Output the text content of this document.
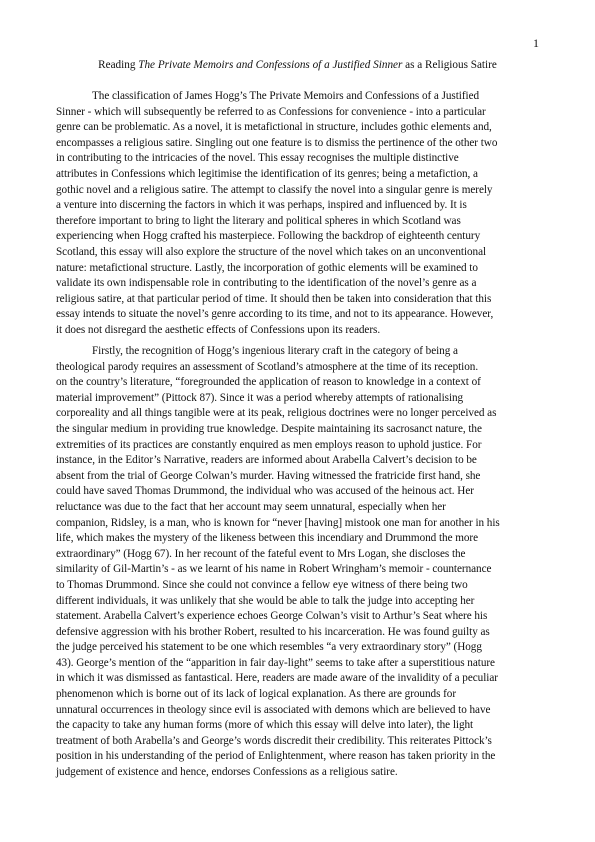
1
Reading The Private Memoirs and Confessions of a Justified Sinner as a Religious Satire

The classification of James Hogg’s The Private Memoirs and Confessions of a Justified
Sinner - which will subsequently be referred to as Confessions for convenience - into a particular
genre can be problematic. As a novel, it is metafictional in structure, includes gothic elements and,
encompasses a religious satire. Singling out one feature is to dismiss the pertinence of the other two
in contributing to the intricacies of the novel. This essay recognises the multiple distinctive
attributes in Confessions which legitimise the identification of its genres; being a metafiction, a
gothic novel and a religious satire. The attempt to classify the novel into a singular genre is merely
a venture into discerning the factors in which it was perhaps, inspired and influenced by. It is
therefore important to bring to light the literary and political spheres in which Scotland was
experiencing when Hogg crafted his masterpiece. Following the backdrop of eighteenth century
Scotland, this essay will also explore the structure of the novel which takes on an unconventional
nature: metafictional structure. Lastly, the incorporation of gothic elements will be examined to
validate its own indispensable role in contributing to the identification of the novel’s genre as a
religious satire, at that particular period of time. It should then be taken into consideration that this
essay intends to situate the novel’s genre according to its time, and not to its appearance. However,
it does not disregard the aesthetic effects of Confessions upon its readers.

Firstly, the recognition of Hogg’s ingenious literary craft in the category of being a
theological parody requires an assessment of Scotland’s atmosphere at the time of its reception.
on the country’s literature, “foregrounded the application of reason to knowledge in a context of
material improvement” (Pittock 87). Since it was a period whereby attempts of rationalising
corporeality and all things tangible were at its peak, religious doctrines were no longer perceived as
the singular medium in providing true knowledge. Despite maintaining its sacrosanct nature, the
extremities of its practices are constantly enquired as men employs reason to uphold justice. For
instance, in the Editor’s Narrative, readers are informed about Arabella Calvert’s decision to be
absent from the trial of George Colwan’s murder. Having witnessed the fratricide first hand, she
could have saved Thomas Drummond, the individual who was accused of the heinous act. Her
reluctance was due to the fact that her account may seem unnatural, especially when her
companion, Ridsley, is a man, who is known for “never [having] mistook one man for another in his
life, which makes the mystery of the likeness between this incendiary and Drummond the more
extraordinary” (Hogg 67). In her recount of the fateful event to Mrs Logan, she discloses the
similarity of Gil-Martin’s - as we learnt of his name in Robert Wringham’s memoir - counternance
to Thomas Drummond. Since she could not convince a fellow eye witness of there being two
different individuals, it was unlikely that she would be able to talk the judge into accepting her
statement. Arabella Calvert’s experience echoes George Colwan’s visit to Arthur’s Seat where his
defensive aggression with his brother Robert, resulted to his incarceration. He was found guilty as
the judge perceived his statement to be one which resembles “a very extraordinary story” (Hogg
43). George’s mention of the “apparition in fair day-light” seems to take after a superstitious nature
in which it was dismissed as fantastical. Here, readers are made aware of the invalidity of a peculiar
phenomenon which is borne out of its lack of logical explanation. As there are grounds for
unnatural occurrences in theology since evil is associated with demons which are believed to have
the capacity to take any human forms (more of which this essay will delve into later), the light
treatment of both Arabella’s and George’s words discredit their credibility. This reiterates Pittock’s
position in his understanding of the period of Enlightenment, where reason has taken priority in the
judgement of existence and hence, endorses Confessions as a religious satire.
